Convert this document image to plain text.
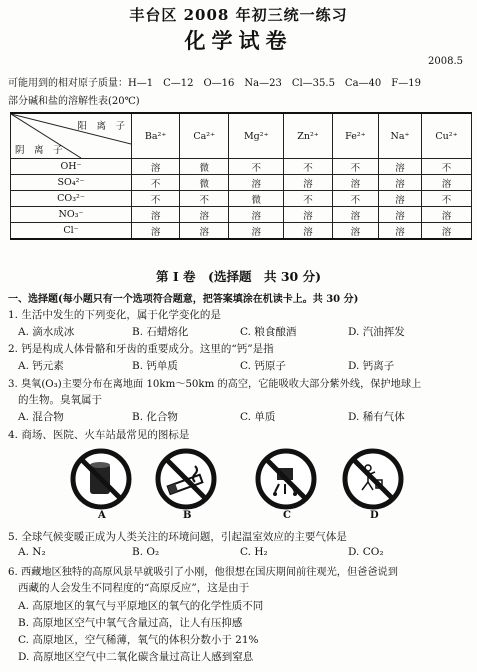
丰台区 2008 年初三统一练习
化学试卷
2008.5
可能用到的相对原子质量：H—1　C—12　O—16　Na—23　Cl—35.5　Ca—40　F—19
部分碱和盐的溶解性表(20℃)
阳　离　子
阴　离　子	Ba²⁺	Ca²⁺	Mg²⁺	Zn²⁺	Fe²⁺	Na⁺	Cu²⁺
OH⁻	溶	微	不	不	不	溶	不
SO₄²⁻	不	微	溶	溶	溶	溶	溶
CO₃²⁻	不	不	微	不	不	溶	不
NO₃⁻	溶	溶	溶	溶	溶	溶	溶
Cl⁻	溶	溶	溶	溶	溶	溶	溶
第 Ⅰ 卷　(选择题　共 30 分)
一、选择题(每小题只有一个选项符合题意，把答案填涂在机读卡上。共 30 分)
1. 生活中发生的下列变化，属于化学变化的是
A. 滴水成冰	B. 石蜡熔化	C. 粮食酿酒	D. 汽油挥发
2. 钙是构成人体骨骼和牙齿的重要成分。这里的“钙”是指
A. 钙元素	B. 钙单质	C. 钙原子	D. 钙离子
3. 臭氧(O₃)主要分布在离地面 10km～50km 的高空，它能吸收大部分紫外线，保护地球上
的生物。臭氧属于
A. 混合物	B. 化合物	C. 单质	D. 稀有气体
4. 商场、医院、火车站最常见的图标是
A	B	C	D
5. 全球气候变暖正成为人类关注的环境问题，引起温室效应的主要气体是
A. N₂	B. O₂	C. H₂	D. CO₂
6. 西藏地区独特的高原风景早就吸引了小刚，他很想在国庆期间前往观光，但爸爸说到
西藏的人会发生不同程度的“高原反应”，这是由于
A. 高原地区的氧气与平原地区的氧气的化学性质不同
B. 高原地区空气中氧气含量过高，让人有压抑感
C. 高原地区，空气稀薄，氧气的体积分数小于 21%
D. 高原地区空气中二氧化碳含量过高让人感到窒息
